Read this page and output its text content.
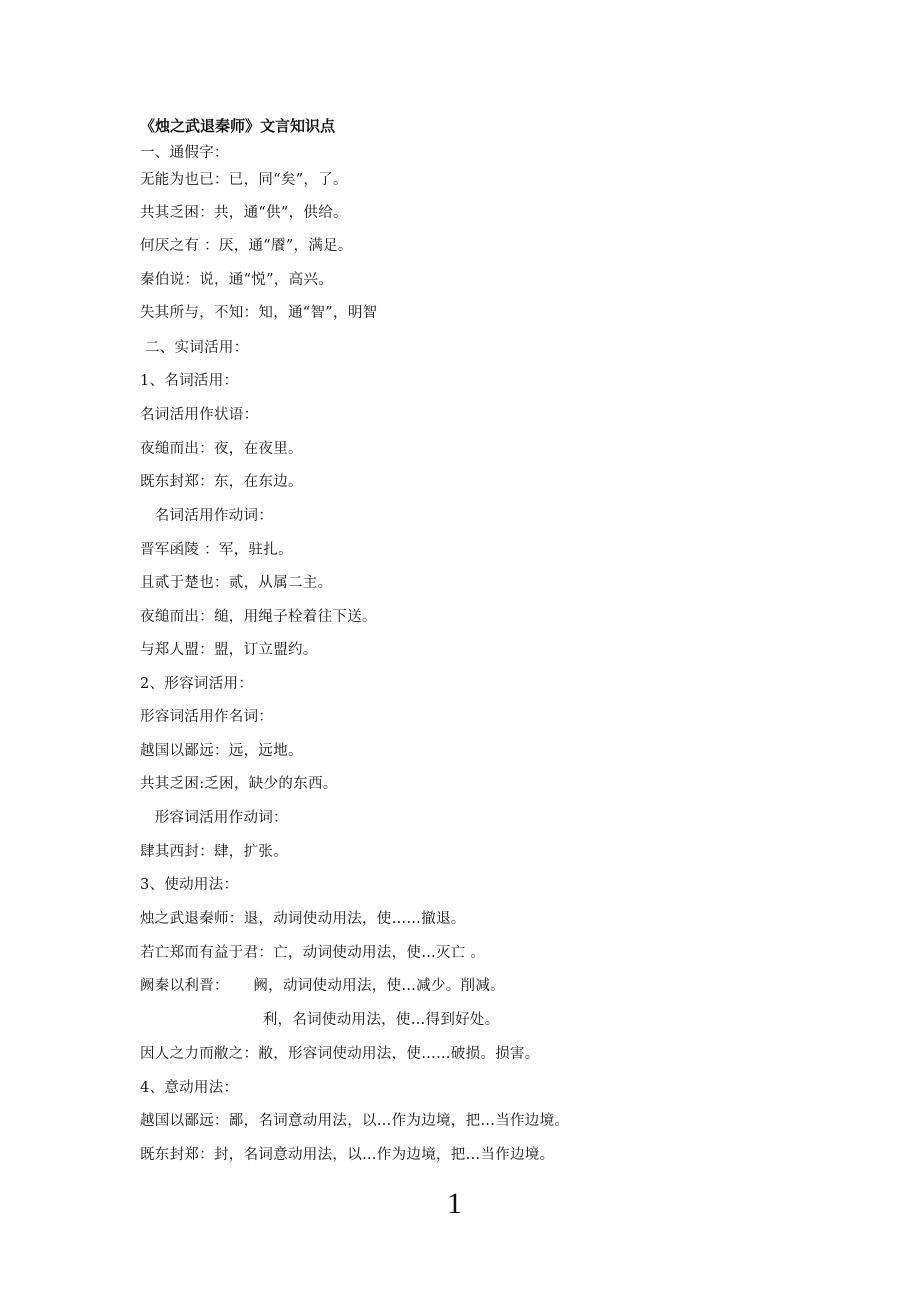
《烛之武退秦师》文言知识点
一、通假字：
无能为也已：已，同“矣”，了。
共其乏困：共，通“供”，供给。
何厌之有 ：厌，通“餍”，满足。
秦伯说：说，通“悦”，高兴。
失其所与，不知：知，通“智”，明智
二、实词活用：
1、名词活用：
名词活用作状语：
夜缒而出：夜，在夜里。
既东封郑：东，在东边。
名词活用作动词：
晋军函陵 ：军，驻扎。
且贰于楚也：贰，从属二主。
夜缒而出：缒，用绳子栓着往下送。
与郑人盟：盟，订立盟约。
2、形容词活用：
形容词活用作名词：
越国以鄙远：远，远地。
共其乏困:乏困，缺少的东西。
形容词活用作动词：
肆其西封：肆，扩张。
3、使动用法：
烛之武退秦师：退，动词使动用法，使……撤退。
若亡郑而有益于君：亡，动词使动用法，使…灭亡 。
阙秦以利晋：     阙，动词使动用法，使…减少。削减。
利，名词使动用法，使…得到好处。
因人之力而敝之：敝，形容词使动用法，使……破损。损害。
4、意动用法：
越国以鄙远：鄙，名词意动用法，以…作为边境，把…当作边境。
既东封郑：封，名词意动用法，以…作为边境，把…当作边境。
1
